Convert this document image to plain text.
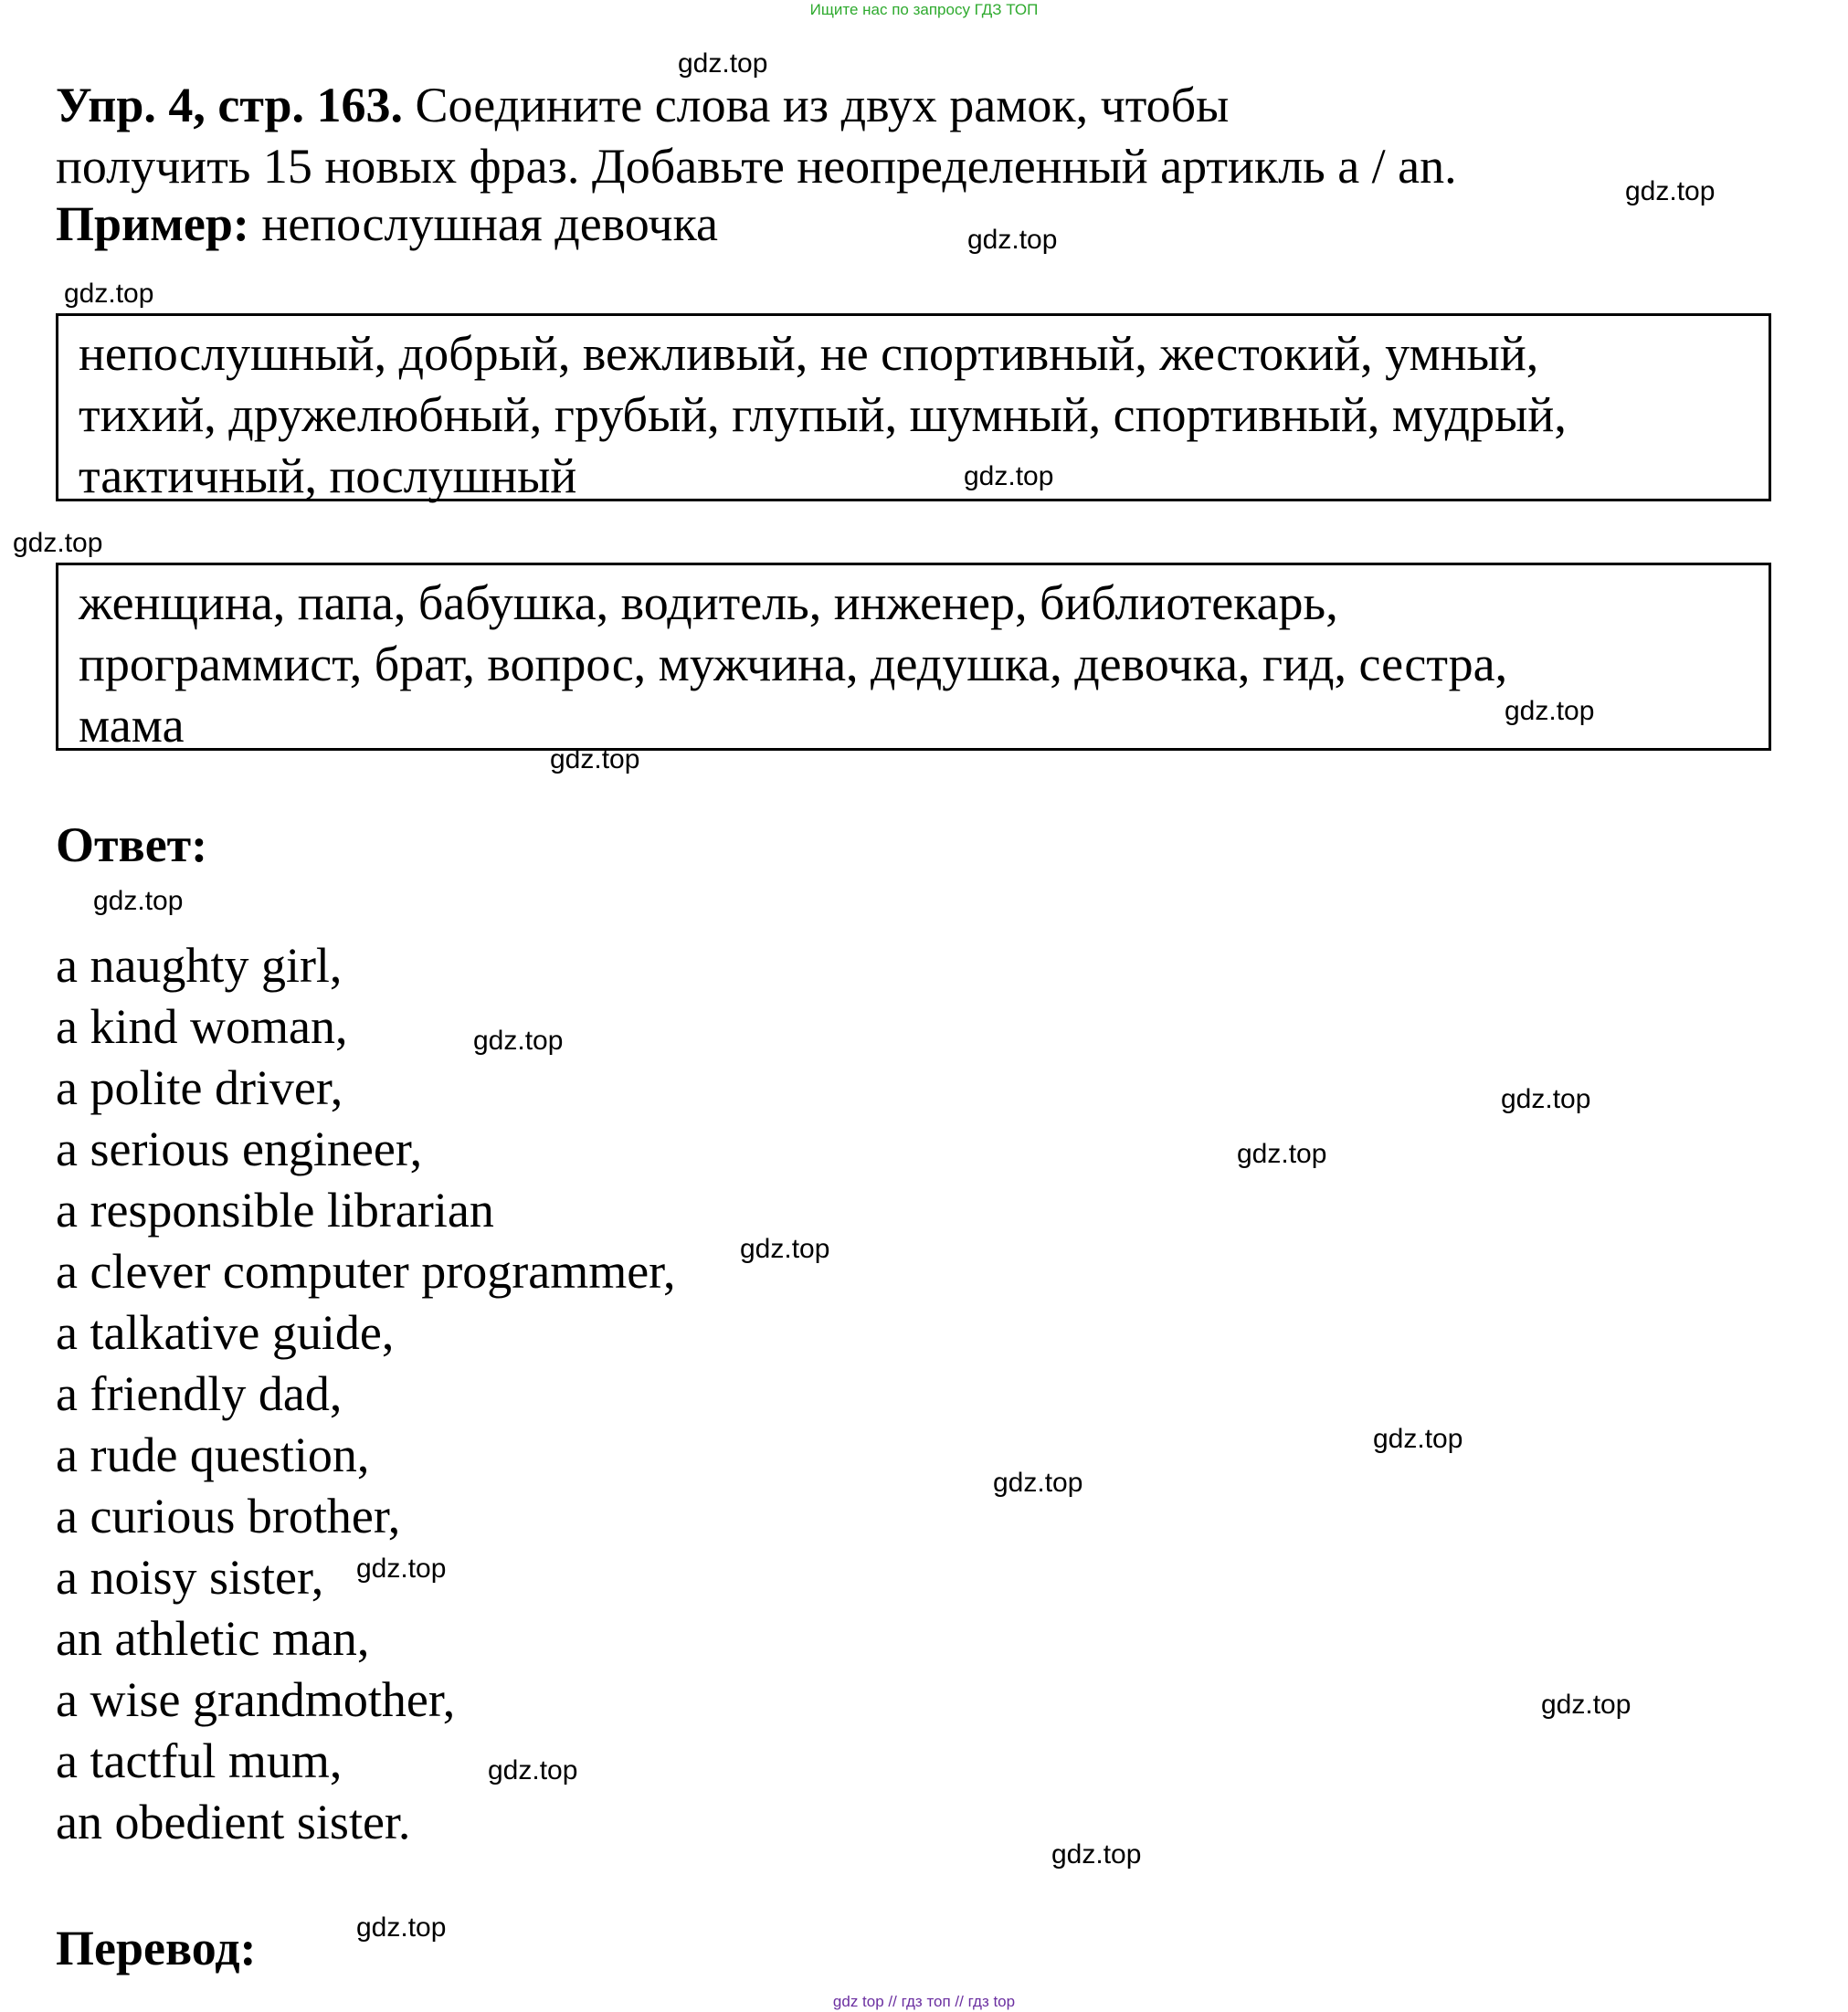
Ищите нас по запросу ГДЗ ТОП

Упр. 4, стр. 163. Соедините слова из двух рамок, чтобы
получить 15 новых фраз. Добавьте неопределенный артикль a / an.

Пример: непослушная девочка
непослушный, добрый, вежливый, не спортивный, жестокий, умный,
тихий, дружелюбный, грубый, глупый, шумный, спортивный, мудрый,
тактичный, послушный
женщина, папа, бабушка, водитель, инженер, библиотекарь,
программист, брат, вопрос, мужчина, дедушка, девочка, гид, сестра,
мама
Ответ:
a naughty girl,
a kind woman,
a polite driver,
a serious engineer,
a responsible librarian
a clever computer programmer,
a talkative guide,
a friendly dad,
a rude question,
a curious brother,
a noisy sister,
an athletic man,
a wise grandmother,
a tactful mum,
an obedient sister.
Перевод:
gdz.top
gdz.top
gdz.top
gdz.top
gdz.top
gdz.top
gdz.top
gdz.top
gdz.top
gdz.top
gdz.top
gdz.top
gdz.top
gdz.top
gdz.top
gdz.top
gdz.top
gdz.top
gdz.top
gdz.top
gdz top // гдз топ // гдз top
